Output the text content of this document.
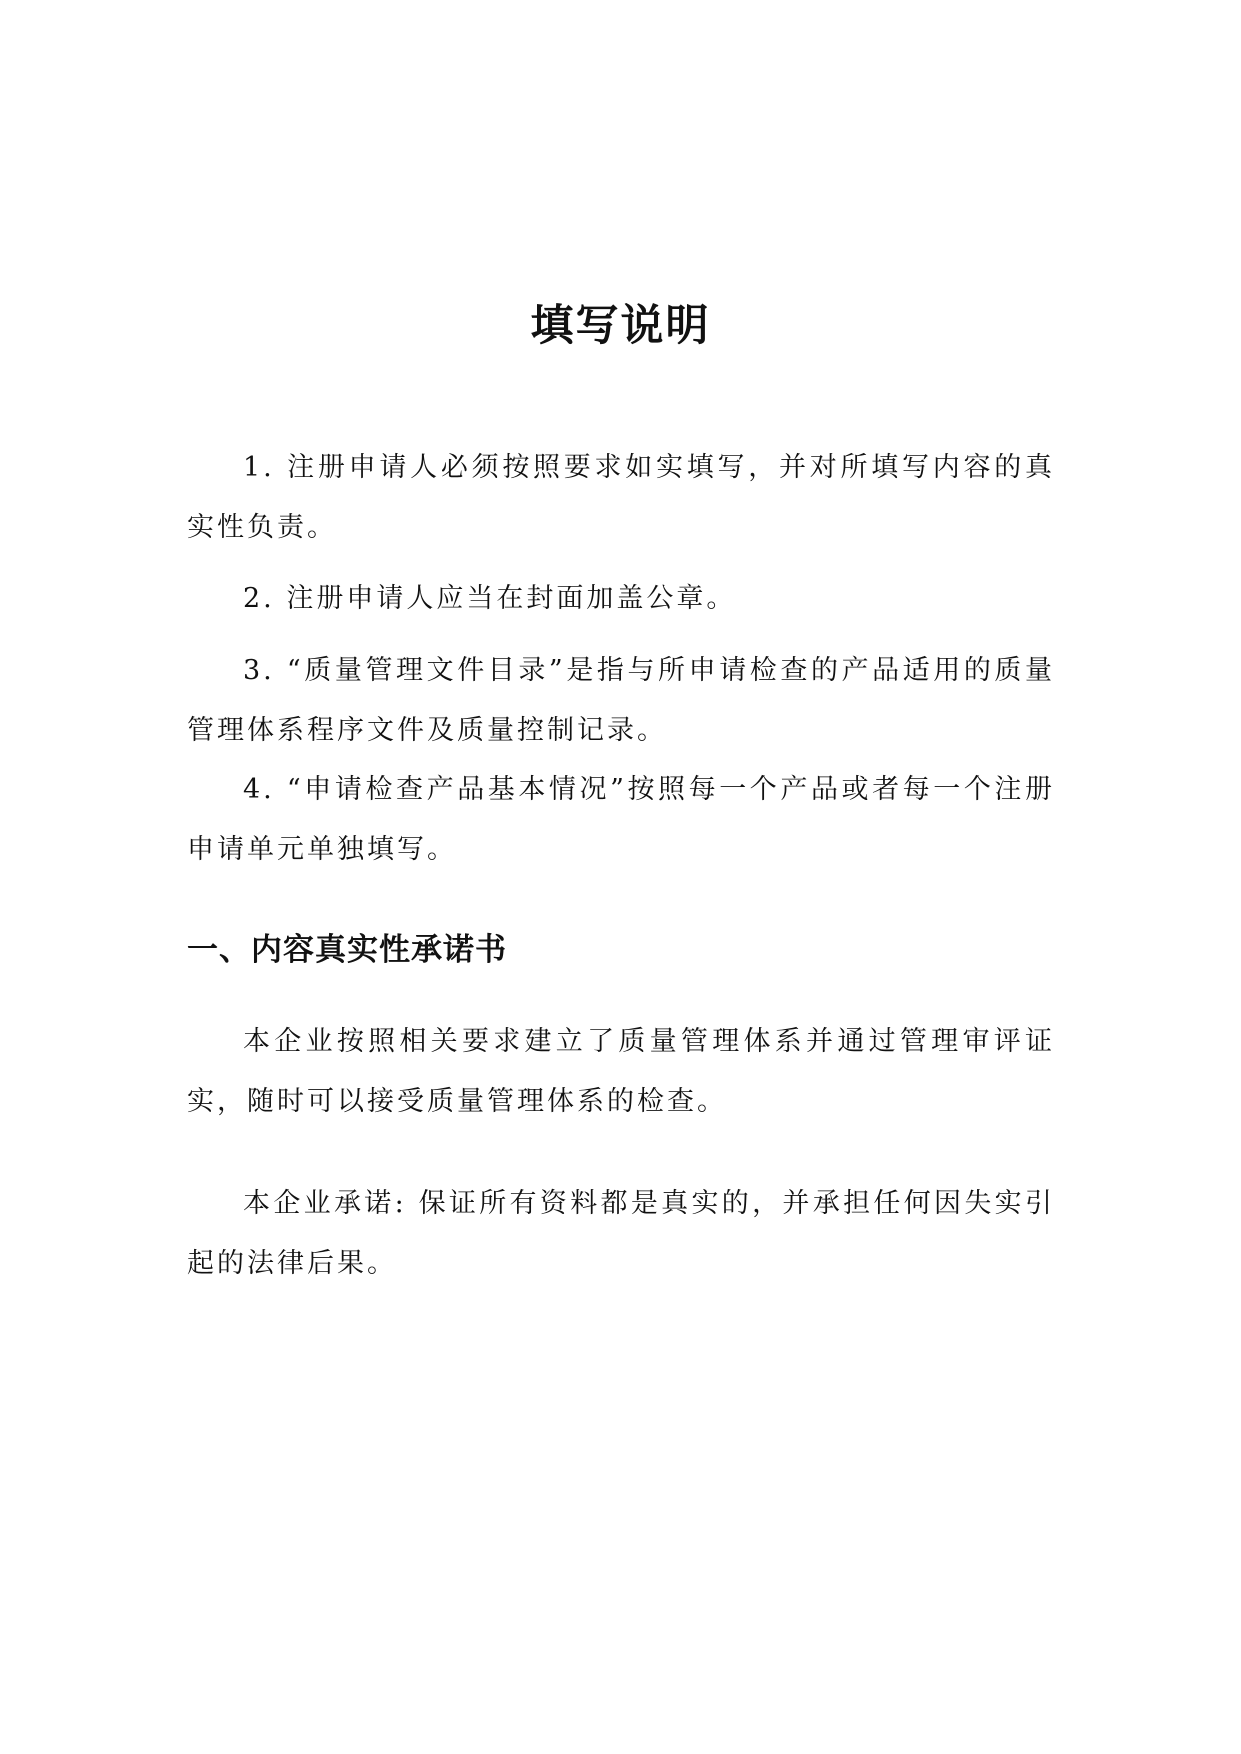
填写说明

1. 注册申请人必须按照要求如实填写，并对所填写内容的真实性负责。

2. 注册申请人应当在封面加盖公章。

3. “质量管理文件目录”是指与所申请检查的产品适用的质量管理体系程序文件及质量控制记录。

4. “申请检查产品基本情况”按照每一个产品或者每一个注册申请单元单独填写。

一、内容真实性承诺书

本企业按照相关要求建立了质量管理体系并通过管理审评证实，随时可以接受质量管理体系的检查。

本企业承诺: 保证所有资料都是真实的，并承担任何因失实引起的法律后果。
